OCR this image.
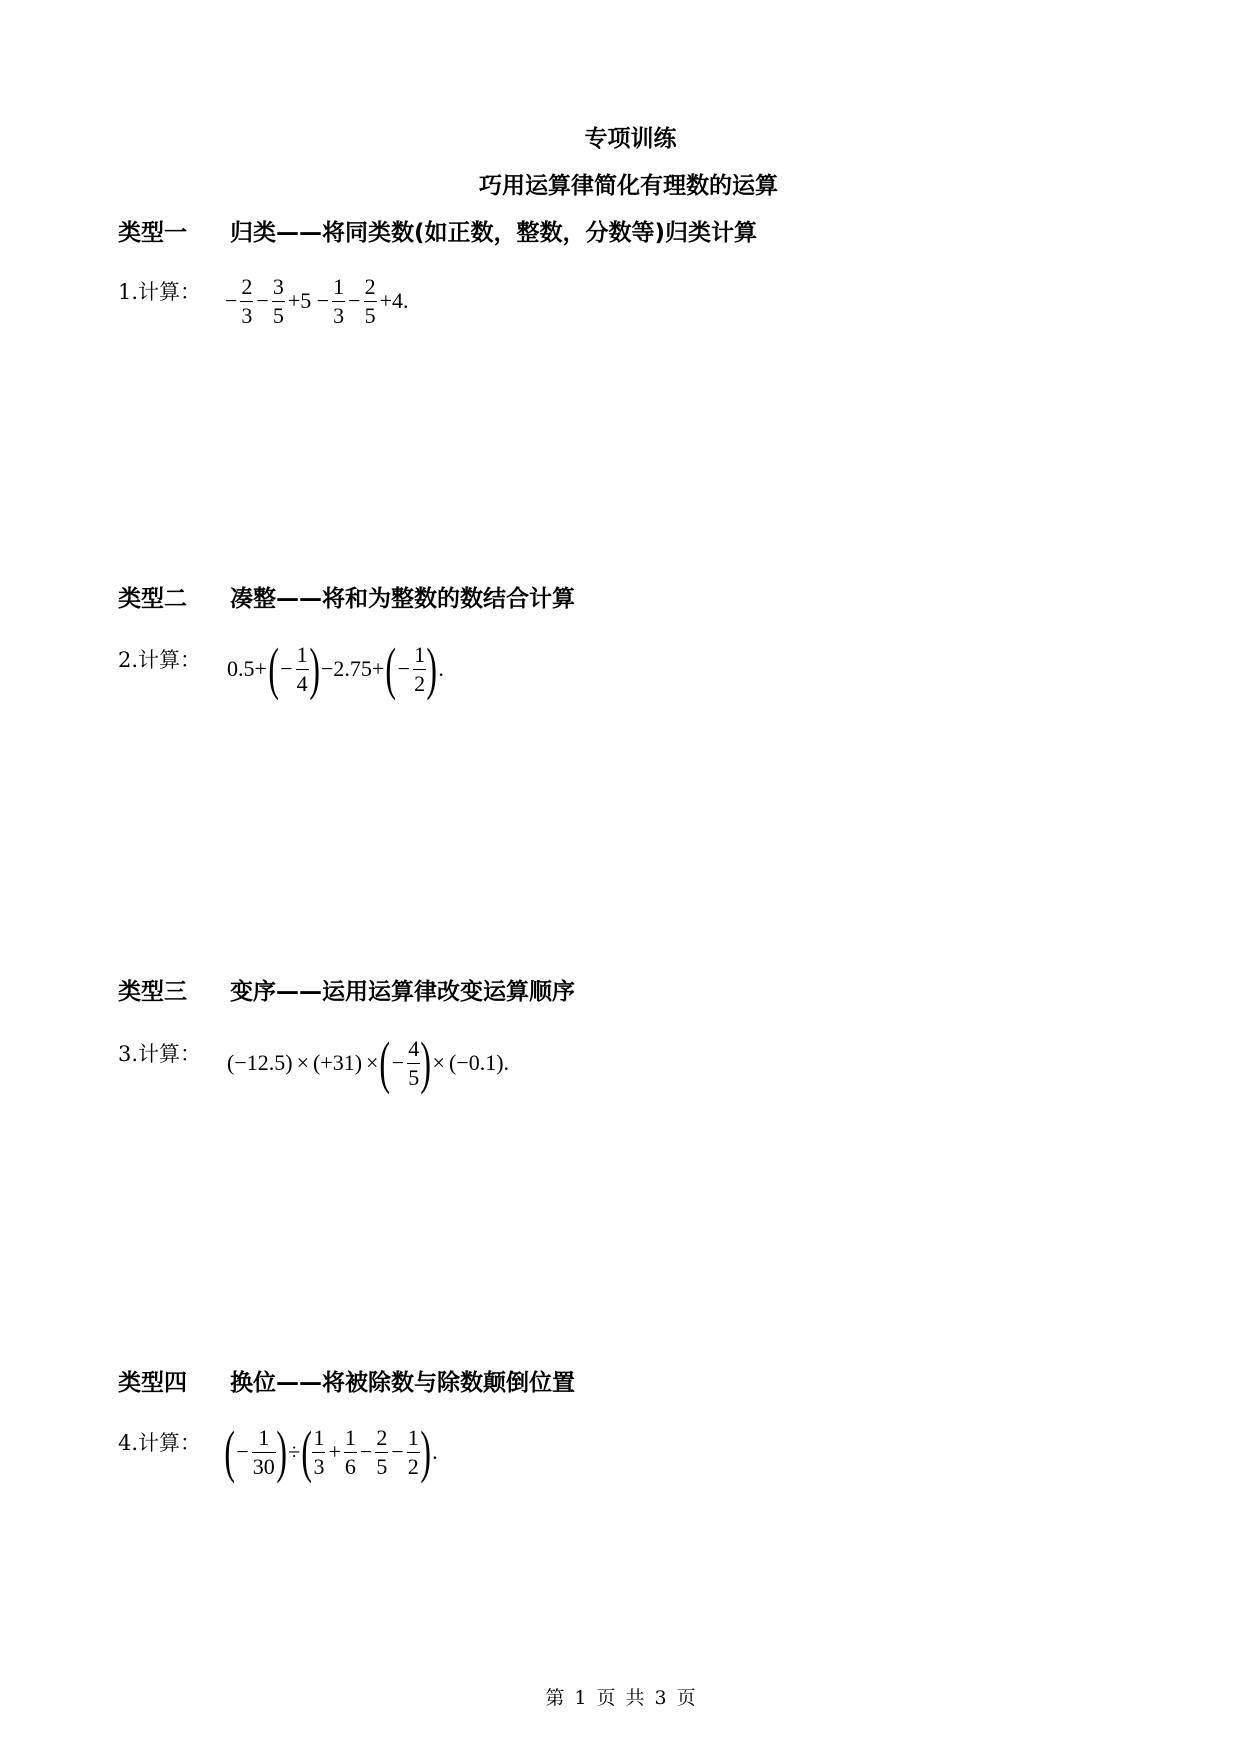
专项训练
巧用运算律简化有理数的运算
类型一 归类——将同类数(如正数，整数，分数等)归类计算
1.计算： − $\frac{2}{3} - \frac{3}{5} +5 - \frac{1}{3} - \frac{2}{5} +4$.
类型二 凑整——将和为整数的数结合计算
2.计算： 0.5+ ( − $\frac{1}{4}$ ) −2.75+ ( − $\frac{1}{2}$ ) .
类型三 变序——运用运算律改变运算顺序
3.计算： (−12.5) × (+31) × ( − $\frac{4}{5}$ ) × (−0.1).
类型四 换位——将被除数与除数颠倒位置
4.计算： ( − $\frac{1}{30}$ ) ÷ ( $\frac{1}{3} + \frac{1}{6} - \frac{2}{5} - \frac{1}{2}$ ) .
第 1 页 共 3 页
